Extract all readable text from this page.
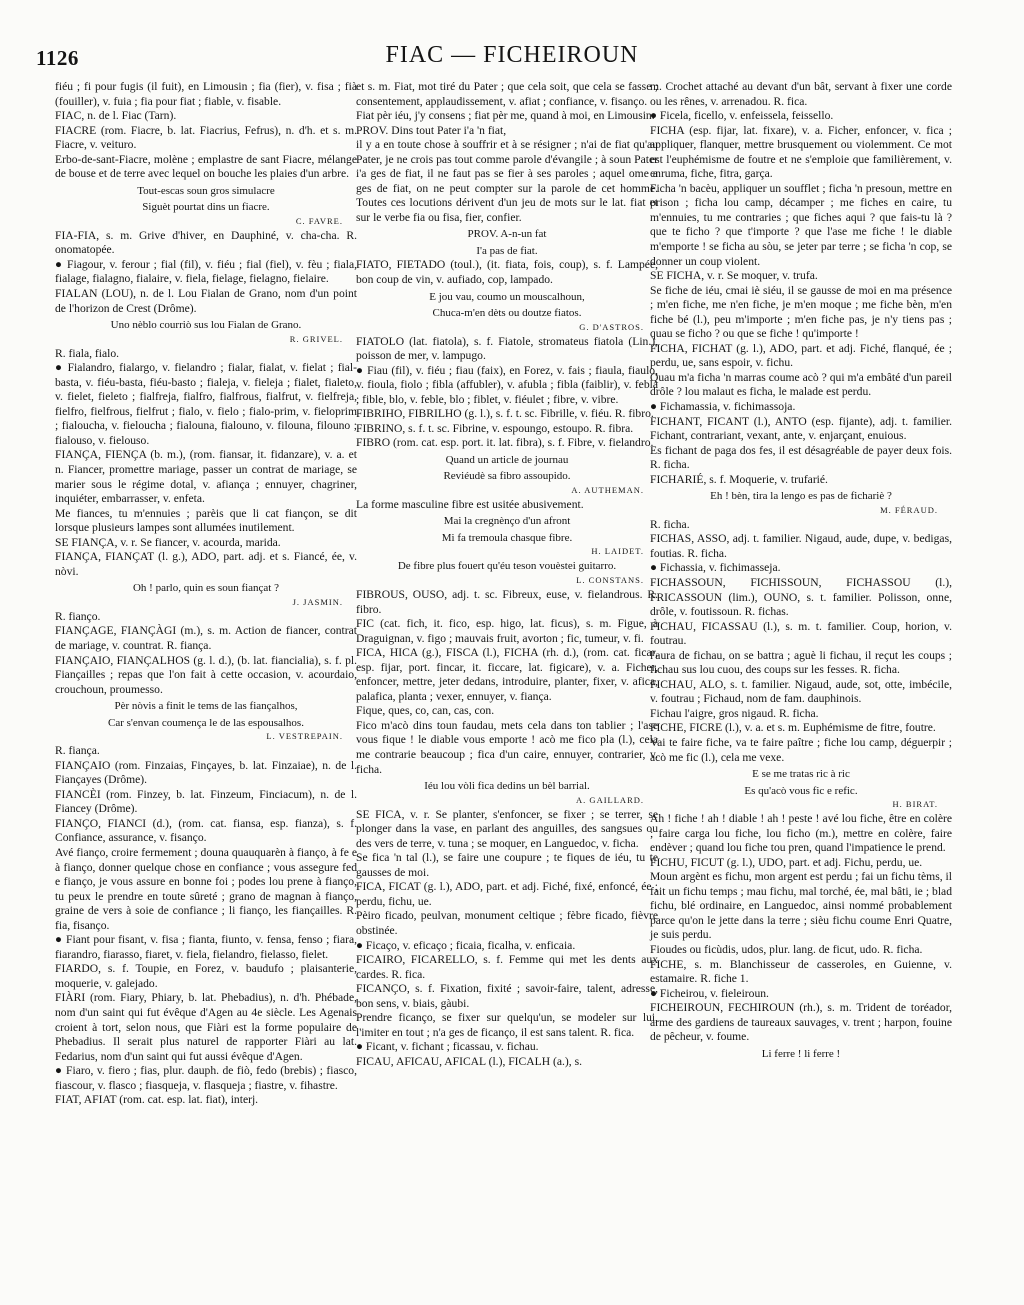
1126	FIAC — FICHEIROUN

fiéu ; fi pour fugis (il fuit), en Limousin ; fia (fier), v. fisa ; fià (fouiller), v. fuia ; fia pour fiat ; fiable, v. fisable.

FIAC, n. de l. Fiac (Tarn).

FIACRE (rom. Fiacre, b. lat. Fiacrius, Fefrus), n. d'h. et s. m. Fiacre, v. veituro.

Erbo-de-sant-Fiacre, molène ; emplastre de sant Fiacre, mélange de bouse et de terre avec lequel on bouche les plaies d'un arbre.

Tout-escas soun gros simulacre

Siguèt pourtat dins un fiacre.

C. FAVRE.

FIA-FIA, s. m. Grive d'hiver, en Dauphiné, v. cha-cha. R. onomatopée.

● Fiagour, v. ferour ; fial (fil), v. fiéu ; fial (fiel), v. fèu ; fiala, fialage, fialagno, fialaire, v. fiela, fielage, fielagno, fielaire.

FIALAN (LOU), n. de l. Lou Fialan de Grano, nom d'un point de l'horizon de Crest (Drôme).

Uno nèblo courriò sus lou Fialan de Grano.

R. GRIVEL.

R. fiala, fialo.

● Fialandro, fialargo, v. fielandro ; fialar, fialat, v. fielat ; fial-basta, v. fiéu-basta, fiéu-basto ; fialeja, v. fieleja ; fialet, fialeto, v. fielet, fieleto ; fialfreja, fialfro, fialfrous, fialfrut, v. fielfreja, fielfro, fielfrous, fielfrut ; fialo, v. fielo ; fialo-prim, v. fieloprim ; fialoucha, v. fieloucha ; fialouna, fialouno, v. filouna, filouno ; fialouso, v. fielouso.

FIANÇA, FIENÇA (b. m.), (rom. fiansar, it. fidanzare), v. a. et n. Fiancer, promettre mariage, passer un contrat de mariage, se marier sous le régime dotal, v. afiança ; ennuyer, chagriner, inquiéter, embarrasser, v. enfeta.

Me fiances, tu m'ennuies ; parèis que li cat fiançon, se dit lorsque plusieurs lampes sont allumées inutilement.

SE FIANÇA, v. r. Se fiancer, v. acourda, marida.

FIANÇA, FIANÇAT (l. g.), ADO, part. adj. et s. Fiancé, ée, v. nòvi.

Oh ! parlo, quin es soun fiançat ?

J. JASMIN.

R. fianço.

FIANÇAGE, FIANÇÀGI (m.), s. m. Action de fiancer, contrat de mariage, v. countrat. R. fiança.

FIANÇAIO, FIANÇALHOS (g. l. d.), (b. lat. fiancialia), s. f. pl. Fiançailles ; repas que l'on fait à cette occasion, v. acourdaio, crouchoun, proumesso.

Pèr nòvis a finit le tems de las fiançalhos,

Car s'envan coumença le de las espousalhos.

L. VESTREPAIN.

R. fiança.

FIANÇAIO (rom. Finzaias, Finçayes, b. lat. Finzaiae), n. de l. Fiançayes (Drôme).

FIANCÈI (rom. Finzey, b. lat. Finzeum, Finciacum), n. de l. Fiancey (Drôme).

FIANÇO, FIANCI (d.), (rom. cat. fiansa, esp. fianza), s. f. Confiance, assurance, v. fisanço.

Avé fianço, croire fermement ; douna quauquarèn à fianço, à fe e à fianço, donner quelque chose en confiance ; vous assegure fed e fianço, je vous assure en bonne foi ; podes lou prene à fianço, tu peux le prendre en toute sûreté ; grano de magnan à fianço, graine de vers à soie de confiance ; li fianço, les fiançailles. R. fia, fisanço.

● Fiant pour fisant, v. fisa ; fianta, fiunto, v. fensa, fenso ; fiara, fiarandro, fiarasso, fiaret, v. fiela, fielandro, fielasso, fielet.

FIARDO, s. f. Toupie, en Forez, v. baudufo ; plaisanterie, moquerie, v. galejado.

FIÀRI (rom. Fiary, Phiary, b. lat. Phebadius), n. d'h. Phébade, nom d'un saint qui fut évêque d'Agen au 4e siècle. Les Agenais croient à tort, selon nous, que Fiàri est la forme populaire de Phebadius. Il serait plus naturel de rapporter Fiàri au lat. Fedarius, nom d'un saint qui fut aussi évêque d'Agen.

● Fiaro, v. fiero ; fias, plur. dauph. de fiò, fedo (brebis) ; fiasco, fiascour, v. flasco ; fiasqueja, v. flasqueja ; fiastre, v. fihastre.

FIAT, AFIAT (rom. cat. esp. lat. fiat), interj.

et s. m. Fiat, mot tiré du Pater ; que cela soit, que cela se fasse ; consentement, applaudissement, v. afiat ; confiance, v. fisanço.

Fiat pèr iéu, j'y consens ; fiat pèr me, quand à moi, en Limousin.

PROV. Dins tout Pater i'a 'n fiat,

il y a en toute chose à souffrir et à se résigner ; n'ai de fiat qu'au Pater, je ne crois pas tout comme parole d'évangile ; à soun Pater i'a ges de fiat, il ne faut pas se fier à ses paroles ; aquel ome a ges de fiat, on ne peut compter sur la parole de cet homme. Toutes ces locutions dérivent d'un jeu de mots sur le lat. fiat et sur le verbe fia ou fisa, fier, confier.

PROV. A-n-un fat

I'a pas de fiat.

FIATO, FIETADO (toul.), (it. fiata, fois, coup), s. f. Lampée, bon coup de vin, v. aufiado, cop, lampado.

E jou vau, coumo un mouscalhoun,

Chuca-m'en dèts ou doutze fiatos.

G. D'ASTROS.

FIATOLO (lat. fiatola), s. f. Fiatole, stromateus fiatola (Lin.), poisson de mer, v. lampugo.

● Fiau (fil), v. fiéu ; fiau (faix), en Forez, v. fais ; fiaula, fiaulo, v. fioula, fiolo ; fibla (affubler), v. afubla ; fibla (faiblir), v. febla ; fible, blo, v. feble, blo ; fiblet, v. fiéulet ; fibre, v. vibre.

FIBRIHO, FIBRILHO (g. l.), s. f. t. sc. Fibrille, v. fiéu. R. fibro.

FIBRINO, s. f. t. sc. Fibrine, v. espoungo, estoupo. R. fibra.

FIBRO (rom. cat. esp. port. it. lat. fibra), s. f. Fibre, v. fielandro.

Quand un article de journau

Reviéudè sa fibro assoupido.

A. AUTHEMAN.

La forme masculine fibre est usitée abusivement.

Mai la cregnènço d'un afront

Mi fa tremoula chasque fibre.

H. LAIDET.

De fibre plus fouert qu'éu teson vouèstei guitarro.

L. CONSTANS.

FIBROUS, OUSO, adj. t. sc. Fibreux, euse, v. fielandrous. R. fibro.

FIC (cat. fich, it. fico, esp. higo, lat. ficus), s. m. Figue, à Draguignan, v. figo ; mauvais fruit, avorton ; fic, tumeur, v. fi.

FICA, HICA (g.), FISCA (l.), FICHA (rh. d.), (rom. cat. ficar, esp. fijar, port. fincar, it. ficcare, lat. figicare), v. a. Ficher, enfoncer, mettre, jeter dedans, introduire, planter, fixer, v. afica, palafica, planta ; vexer, ennuyer, v. fiança.

Fique, ques, co, can, cas, con.

Fico m'acò dins toun faudau, mets cela dans ton tablier ; l'ase vous fique ! le diable vous emporte ! acò me fico pla (l.), cela me contrarie beaucoup ; fica d'un caire, ennuyer, contrarier, v. ficha.

Iéu lou vòli fica dedins un bèl barrial.

A. GAILLARD.

SE FICA, v. r. Se planter, s'enfoncer, se fixer ; se terrer, se plonger dans la vase, en parlant des anguilles, des sangsues ou des vers de terre, v. tuna ; se moquer, en Languedoc, v. ficha.

Se fica 'n tal (l.), se faire une coupure ; te fiques de iéu, tu te gausses de moi.

FICA, FICAT (g. l.), ADO, part. et adj. Fiché, fixé, enfoncé, ée ; perdu, fichu, ue.

Pèiro ficado, peulvan, monument celtique ; fèbre ficado, fièvre obstinée.

● Ficaço, v. eficaço ; ficaia, ficalha, v. enficaia.

FICAIRO, FICARELLO, s. f. Femme qui met les dents aux cardes. R. fica.

FICANÇO, s. f. Fixation, fixité ; savoir-faire, talent, adresse, bon sens, v. biais, gàubi.

Prendre ficanço, se fixer sur quelqu'un, se modeler sur lui, l'imiter en tout ; n'a ges de ficanço, il est sans talent. R. fica.

● Ficant, v. fichant ; ficassau, v. fichau.

FICAU, AFICAU, AFICAL (l.), FICALH (a.), s.

m. Crochet attaché au devant d'un bât, servant à fixer une corde ou les rênes, v. arrenadou. R. fica.

● Ficela, ficello, v. enfeissela, feissello.

FICHA (esp. fijar, lat. fixare), v. a. Ficher, enfoncer, v. fica ; appliquer, flanquer, mettre brusquement ou violemment. Ce mot est l'euphémisme de foutre et ne s'emploie que familièrement, v. enruma, fiche, fitra, garça.

Ficha 'n bacèu, appliquer un soufflet ; ficha 'n presoun, mettre en prison ; ficha lou camp, décamper ; me fiches en caire, tu m'ennuies, tu me contraries ; que fiches aqui ? que fais-tu là ? que te ficho ? que t'importe ? que l'ase me fiche ! le diable m'emporte ! se ficha au sòu, se jeter par terre ; se ficha 'n cop, se donner un coup violent.

SE FICHA, v. r. Se moquer, v. trufa.

Se fiche de iéu, cmai iè siéu, il se gausse de moi en ma présence ; m'en fiche, me n'en fiche, je m'en moque ; me fiche bèn, m'en fiche bé (l.), peu m'importe ; m'en fiche pas, je n'y tiens pas ; quau se ficho ? ou que se fiche ! qu'importe !

FICHA, FICHAT (g. l.), ADO, part. et adj. Fiché, flanqué, ée ; perdu, ue, sans espoir, v. fichu.

Quau m'a ficha 'n marras coume acò ? qui m'a embâté d'un pareil drôle ? lou malaut es ficha, le malade est perdu.

● Fichamassia, v. fichimassoja.

FICHANT, FICANT (l.), ANTO (esp. fijante), adj. t. familier. Fichant, contrariant, vexant, ante, v. enjarçant, enuious.

Es fichant de paga dos fes, il est désagréable de payer deux fois. R. ficha.

FICHARIÉ, s. f. Moquerie, v. trufarié.

Eh ! bèn, tira la lengo es pas de fichariè ?

M. FÉRAUD.

R. ficha.

FICHAS, ASSO, adj. t. familier. Nigaud, aude, dupe, v. bedigas, foutias. R. ficha.

● Fichassia, v. fichimasseja.

FICHASSOUN, FICHISSOUN, FICHASSOU (l.), FRICASSOUN (lim.), OUNO, s. t. familier. Polisson, onne, drôle, v. foutissoun. R. fichas.

FICHAU, FICASSAU (l.), s. m. t. familier. Coup, horion, v. foutrau.

l'aura de fichau, on se battra ; aguè li fichau, il reçut les coups ; fichau sus lou cuou, des coups sur les fesses. R. ficha.

FICHAU, ALO, s. t. familier. Nigaud, aude, sot, otte, imbécile, v. foutrau ; Fichaud, nom de fam. dauphinois.

Fichau l'aigre, gros nigaud. R. ficha.

FICHE, FICRE (l.), v. a. et s. m. Euphémisme de fitre, foutre.

Vai te faire fiche, va te faire paître ; fiche lou camp, déguerpir ; acò me fic (l.), cela me vexe.

E se me tratas ric à ric

Es qu'acò vous fic e refic.

H. BIRAT.

Ah ! fiche ! ah ! diable ! ah ! peste ! avé lou fiche, être en colère ; faire carga lou fiche, lou ficho (m.), mettre en colère, faire endèver ; quand lou fiche tou pren, quand l'impatience le prend.

FICHU, FICUT (g. l.), UDO, part. et adj. Fichu, perdu, ue.

Moun argènt es fichu, mon argent est perdu ; fai un fichu tèms, il fait un fichu temps ; mau fichu, mal torché, ée, mal bâti, ie ; blad fichu, blé ordinaire, en Languedoc, ainsi nommé probablement parce qu'on le jette dans la terre ; sièu fichu coume Enri Quatre, je suis perdu.

Fioudes ou ficùdis, udos, plur. lang. de ficut, udo. R. ficha.

FICHE, s. m. Blanchisseur de casseroles, en Guienne, v. estamaire. R. fiche 1.

● Ficheirou, v. fieleiroun.

FICHEIROUN, FECHIROUN (rh.), s. m. Trident de toréador, arme des gardiens de taureaux sauvages, v. trent ; harpon, fouine de pêcheur, v. foume.

Li ferre ! li ferre !
